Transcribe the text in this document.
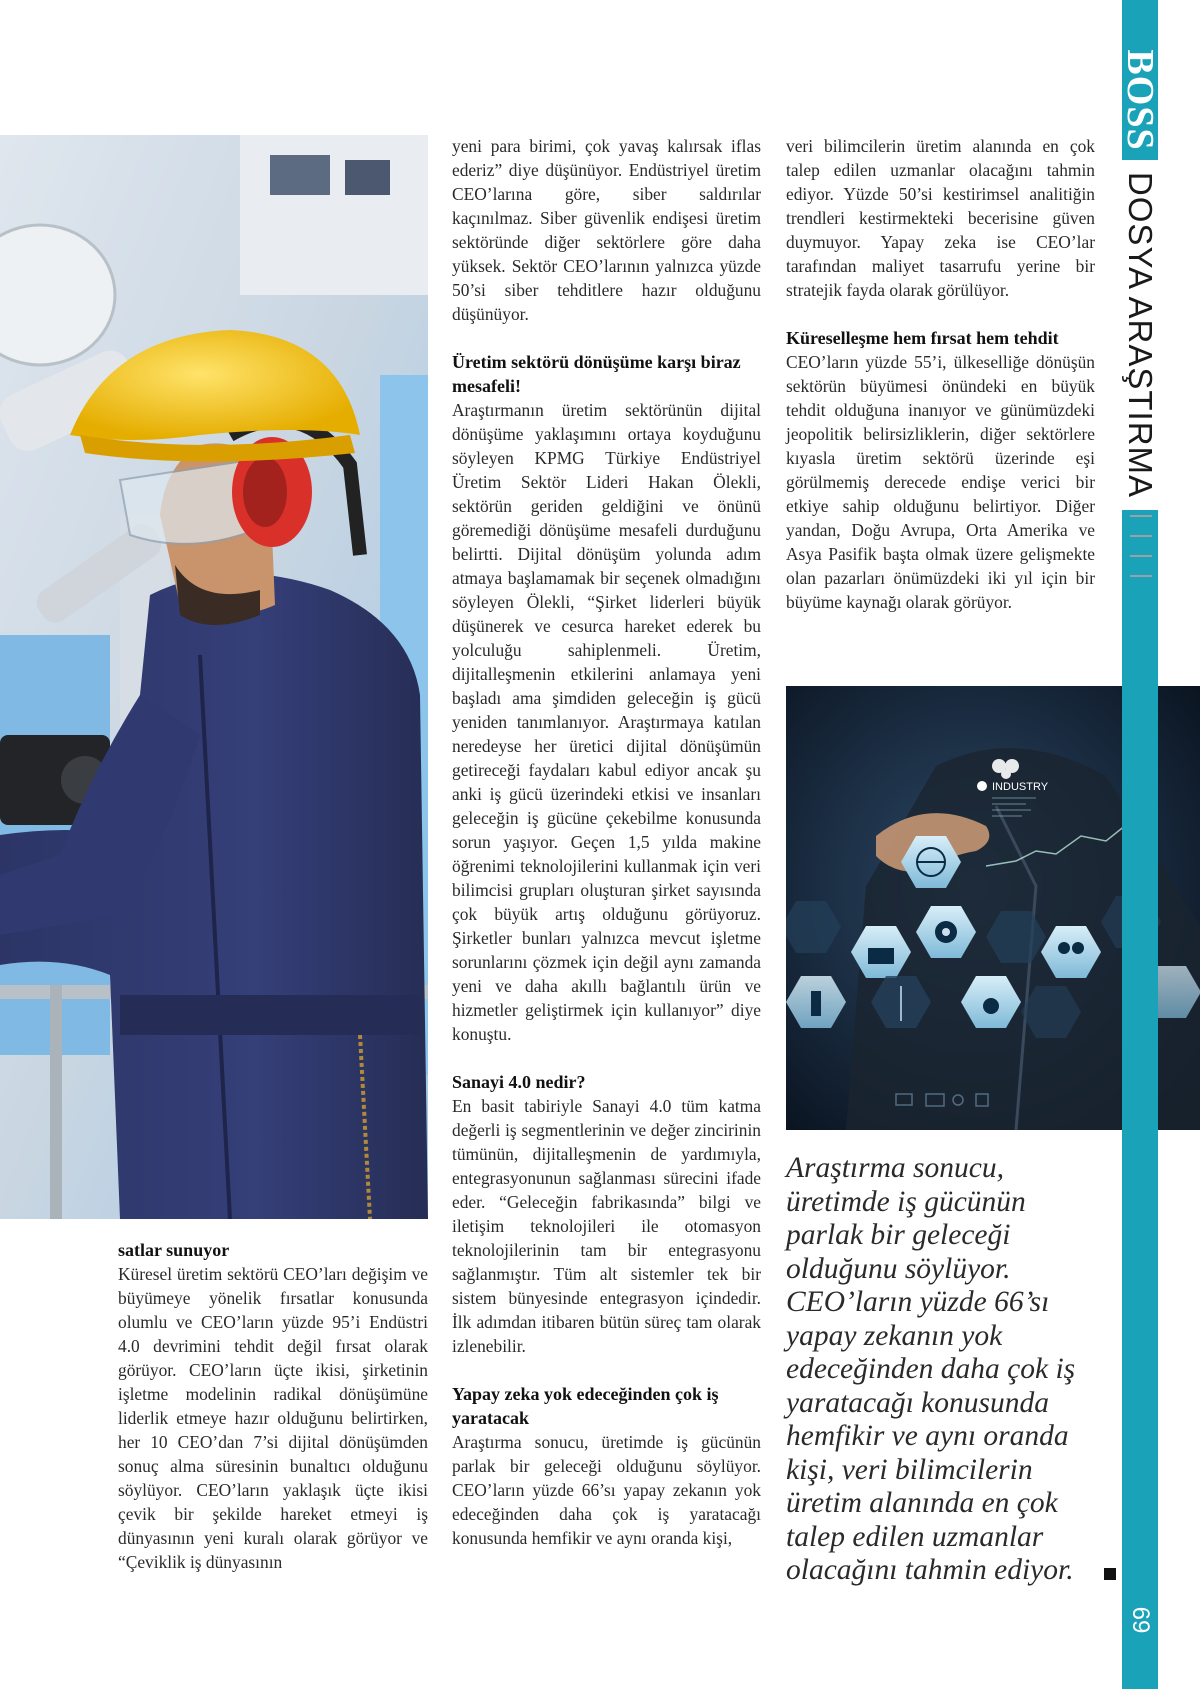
satlar sunuyor

Küresel üretim sektörü CEO’ları değişim ve büyümeye yönelik fırsatlar konusunda olumlu ve CEO’ların yüzde 95’i Endüstri 4.0 devrimini tehdit değil fırsat olarak görüyor. CEO’ların üçte ikisi, şirketinin işletme modelinin radikal dönüşümüne liderlik etmeye hazır olduğunu belirtirken, her 10 CEO’dan 7’si dijital dönüşümden sonuç alma süresinin bunaltıcı olduğunu söylüyor. CEO’ların yaklaşık üçte ikisi çevik bir şekilde hareket etmeyi iş dünyasının yeni kuralı olarak görüyor ve “Çeviklik iş dünyasının

yeni para birimi, çok yavaş kalırsak iflas ederiz” diye düşünüyor. Endüstriyel üretim CEO’larına göre, siber saldırılar kaçınılmaz. Siber güvenlik endişesi üretim sektöründe diğer sektörlere göre daha yüksek. Sektör CEO’larının yalnızca yüzde 50’si siber tehditlere hazır olduğunu düşünüyor.

Üretim sektörü dönüşüme karşı biraz mesafeli!

Araştırmanın üretim sektörünün dijital dönüşüme yaklaşımını ortaya koyduğunu söyleyen KPMG Türkiye Endüstriyel Üretim Sektör Lideri Hakan Ölekli, sektörün geriden geldiğini ve önünü göremediği dönüşüme mesafeli durduğunu belirtti. Dijital dönüşüm yolunda adım atmaya başlamamak bir seçenek olmadığını söyleyen Ölekli, “Şirket liderleri büyük düşünerek ve cesurca hareket ederek bu yolculuğu sahiplenmeli. Üretim, dijitalleşmenin etkilerini anlamaya yeni başladı ama şimdiden geleceğin iş gücü yeniden tanımlanıyor. Araştırmaya katılan neredeyse her üretici dijital dönüşümün getireceği faydaları kabul ediyor ancak şu anki iş gücü üzerindeki etkisi ve insanları geleceğin iş gücüne çekebilme konusunda sorun yaşıyor. Geçen 1,5 yılda makine öğrenimi teknolojilerini kullanmak için veri bilimcisi grupları oluşturan şirket sayısında çok büyük artış olduğunu görüyoruz. Şirketler bunları yalnızca mevcut işletme sorunlarını çözmek için değil aynı zamanda yeni ve daha akıllı bağlantılı ürün ve hizmetler geliştirmek için kullanıyor” diye konuştu.

Sanayi 4.0 nedir?

En basit tabiriyle Sanayi 4.0 tüm katma değerli iş segmentlerinin ve değer zincirinin tümünün, dijitalleşmenin de yardımıyla, entegrasyonunun sağlanması sürecini ifade eder. “Geleceğin fabrikasında” bilgi ve iletişim teknolojileri ile otomasyon teknolojilerinin tam bir entegrasyonu sağlanmıştır. Tüm alt sistemler tek bir sistem bünyesinde entegrasyon içindedir. İlk adımdan itibaren bütün süreç tam olarak izlenebilir.

Yapay zeka yok edeceğinden çok iş yaratacak

Araştırma sonucu, üretimde iş gücünün parlak bir geleceği olduğunu söylüyor. CEO’ların yüzde 66’sı yapay zekanın yok edeceğinden daha çok iş yaratacağı konusunda hemfikir ve aynı oranda kişi,

veri bilimcilerin üretim alanında en çok talep edilen uzmanlar olacağını tahmin ediyor. Yüzde 50’si kestirimsel analitiğin trendleri kestirmekteki becerisine güven duymuyor. Yapay zeka ise CEO’lar tarafından maliyet tasarrufu yerine bir stratejik fayda olarak görülüyor.

Küreselleşme hem fırsat hem tehdit

CEO’ların yüzde 55’i, ülkeselliğe dönüşün sektörün büyümesi önündeki en büyük tehdit olduğuna inanıyor ve günümüzdeki jeopolitik belirsizliklerin, diğer sektörlere kıyasla üretim sektörü üzerinde eşi görülmemiş derecede endişe verici bir etkiye sahip olduğunu belirtiyor. Diğer yandan, Doğu Avrupa, Orta Amerika ve Asya Pasifik başta olmak üzere gelişmekte olan pazarları önümüzdeki iki yıl için bir büyüme kaynağı olarak görüyor.

INDUSTRY

Araştırma sonucu, üretimde iş gücünün parlak bir geleceği olduğunu söylüyor. CEO’ların yüzde 66’sı yapay zekanın yok edeceğinden daha çok iş yaratacağı konusunda hemfikir ve aynı oranda kişi, veri bilimcilerin üretim alanında en çok talep edilen uzmanlar olacağını tahmin ediyor.

BOSS
DOSYA ARAŞTIRMA
69
